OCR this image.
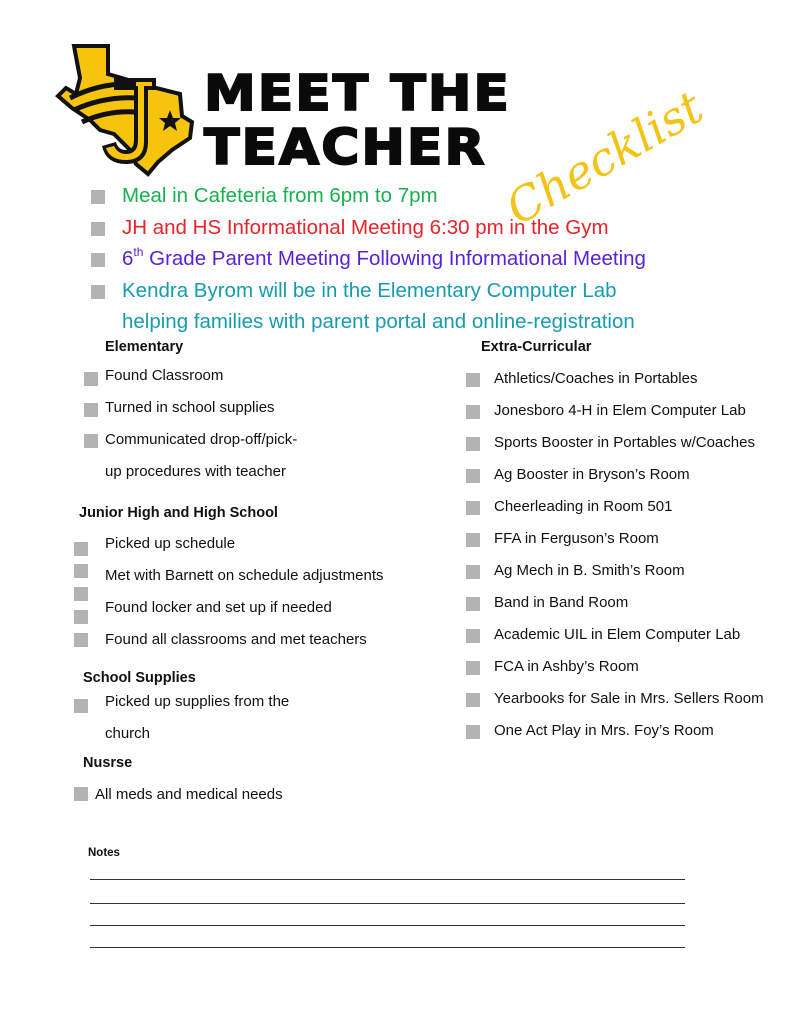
MEET THE
TEACHER Checklist
Meal in Cafeteria from 6pm to 7pm
JH and HS Informational Meeting 6:30 pm in the Gym
6th Grade Parent Meeting Following Informational Meeting
Kendra Byrom will be in the Elementary Computer Lab
helping families with parent portal and online-registration
Elementary
Found Classroom
Turned in school supplies
Communicated drop-off/pick-
up procedures with teacher
Junior High and High School
Picked up schedule
Met with Barnett on schedule adjustments
Found locker and set up if needed
Found all classrooms and met teachers
School Supplies
Picked up supplies from the
church
Nusrse
All meds and medical needs
Extra-Curricular
Athletics/Coaches in Portables
Jonesboro 4-H in Elem Computer Lab
Sports Booster in Portables w/Coaches
Ag Booster in Bryson’s Room
Cheerleading in Room 501
FFA in Ferguson’s Room
Ag Mech in B. Smith’s Room
Band in Band Room
Academic UIL in Elem Computer Lab
FCA in Ashby’s Room
Yearbooks for Sale in Mrs. Sellers Room
One Act Play in Mrs. Foy’s Room
Notes
